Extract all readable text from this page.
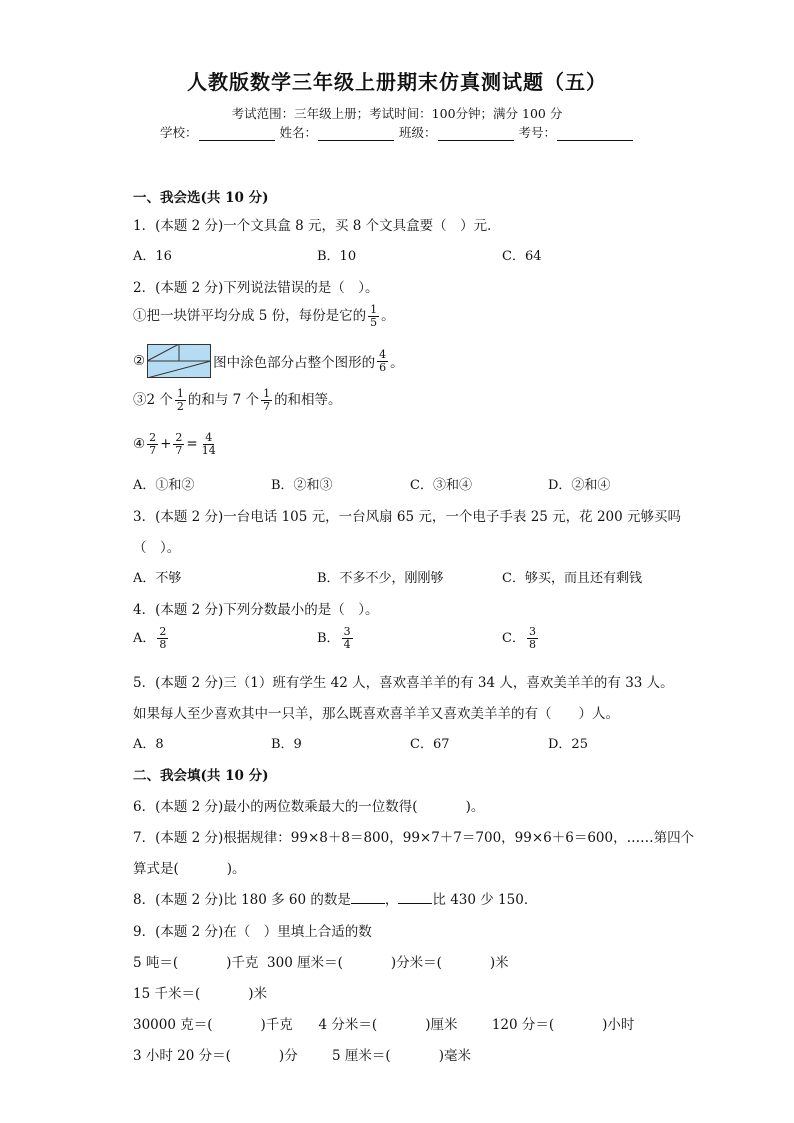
人教版数学三年级上册期末仿真测试题（五）
考试范围：三年级上册；考试时间：100分钟；满分 100 分
学校：	姓名：	班级：	考号：
一、我会选(共 10 分)
1．(本题 2 分)一个文具盒 8 元，买 8 个文具盒要（　）元．
A．16	B．10	C．64
2．(本题 2 分)下列说法错误的是（　）。
①把一块饼平均分成 5 份，每份是它的 $\frac{1}{5}$ 。
②	图中涂色部分占整个图形的 $\frac{4}{6}$ 。
③2 个 $\frac{1}{2}$ 的和与 7 个 $\frac{1}{7}$ 的和相等。
④ $\frac{2}{7} + \frac{2}{7} = \frac{4}{14}$
A．①和②	B．②和③	C．③和④	D．②和④
3．(本题 2 分)一台电话 105 元，一台风扇 65 元，一个电子手表 25 元，花 200 元够买吗
（　）。
A．不够	B．不多不少，刚刚够	C．够买，而且还有剩钱
4．(本题 2 分)下列分数最小的是（　）。
A． $\frac{2}{8}$	B． $\frac{3}{4}$	C． $\frac{3}{8}$
5．(本题 2 分)三（1）班有学生 42 人，喜欢喜羊羊的有 34 人，喜欢美羊羊的有 33 人。
如果每人至少喜欢其中一只羊，那么既喜欢喜羊羊又喜欢美羊羊的有（　　）人。
A．8	B．9	C．67	D．25
二、我会填(共 10 分)
6．(本题 2 分)最小的两位数乘最大的一位数得(	)。
7．(本题 2 分)根据规律：99×8＋8＝800，99×7＋7＝700，99×6＋6＝600，……第四个
算式是(	)。
8．(本题 2 分)比 180 多 60 的数是	，	比 430 少 150．
9．(本题 2 分)在（　）里填上合适的数
5 吨＝(	)千克 300 厘米＝(	)分米＝(	)米
15 千米＝(	)米
30000 克＝(	)千克 4 分米＝(	)厘米	120 分＝(	)小时
3 小时 20 分＝(	)分	5 厘米＝(	)毫米
